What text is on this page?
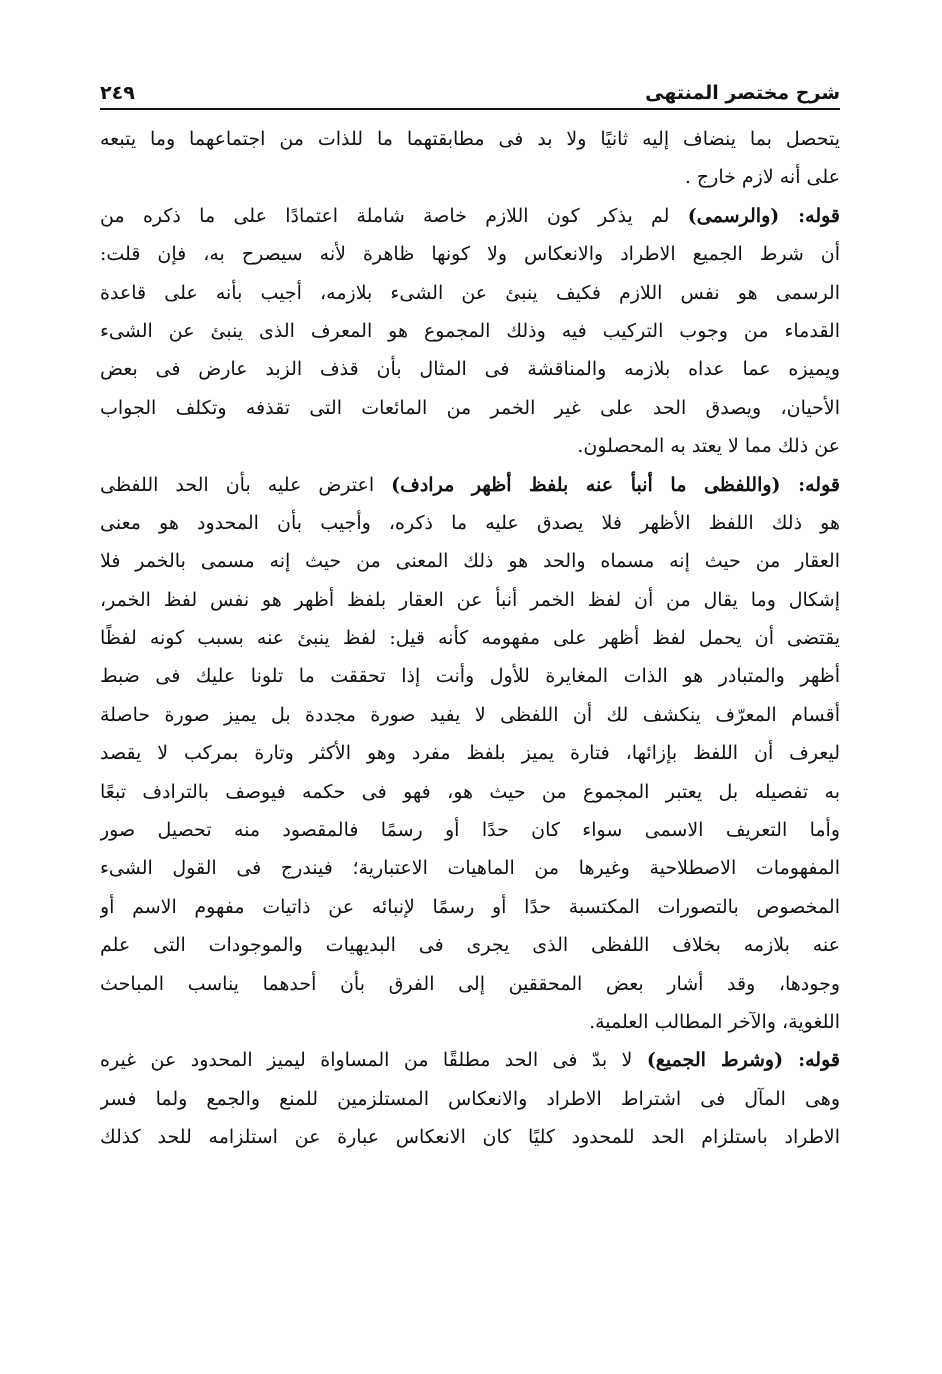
شرح مختصر المنتهى
٢٤٩
يتحصل بما ينضاف إليه ثانيًا ولا بد فى مطابقتهما ما للذات من اجتماعهما وما يتبعه
على أنه لازم خارج .
قوله: (والرسمى) لم يذكر كون اللازم خاصة شاملة اعتمادًا على ما ذكره من
أن شرط الجميع الاطراد والانعكاس ولا كونها ظاهرة لأنه سيصرح به، فإن قلت:
الرسمى هو نفس اللازم فكيف ينبئ عن الشىء بلازمه، أجيب بأنه على قاعدة
القدماء من وجوب التركيب فيه وذلك المجموع هو المعرف الذى ينبئ عن الشىء
ويميزه عما عداه بلازمه والمناقشة فى المثال بأن قذف الزبد عارض فى بعض
الأحيان، ويصدق الحد على غير الخمر من المائعات التى تقذفه وتكلف الجواب
عن ذلك مما لا يعتد به المحصلون.
قوله: (واللفظى ما أنبأ عنه بلفظ أظهر مرادف) اعترض عليه بأن الحد اللفظى
هو ذلك اللفظ الأظهر فلا يصدق عليه ما ذكره، وأجيب بأن المحدود هو معنى
العقار من حيث إنه مسماه والحد هو ذلك المعنى من حيث إنه مسمى بالخمر فلا
إشكال وما يقال من أن لفظ الخمر أنبأ عن العقار بلفظ أظهر هو نفس لفظ الخمر،
يقتضى أن يحمل لفظ أظهر على مفهومه كأنه قيل: لفظ ينبئ عنه بسبب كونه لفظًا
أظهر والمتبادر هو الذات المغايرة للأول وأنت إذا تحققت ما تلونا عليك فى ضبط
أقسام المعرّف ينكشف لك أن اللفظى لا يفيد صورة مجددة بل يميز صورة حاصلة
ليعرف أن اللفظ بإزائها، فتارة يميز بلفظ مفرد وهو الأكثر وتارة بمركب لا يقصد
به تفصيله بل يعتبر المجموع من حيث هو، فهو فى حكمه فيوصف بالترادف تبعًا
وأما التعريف الاسمى سواء كان حدًا أو رسمًا فالمقصود منه تحصيل صور
المفهومات الاصطلاحية وغيرها من الماهيات الاعتبارية؛ فيندرج فى القول الشىء
المخصوص بالتصورات المكتسبة حدًا أو رسمًا لإنبائه عن ذاتيات مفهوم الاسم أو
عنه بلازمه بخلاف اللفظى الذى يجرى فى البديهيات والموجودات التى علم
وجودها، وقد أشار بعض المحققين إلى الفرق بأن أحدهما يناسب المباحث
اللغوية، والآخر المطالب العلمية.
قوله: (وشرط الجميع) لا بدّ فى الحد مطلقًا من المساواة ليميز المحدود عن غيره
وهى المآل فى اشتراط الاطراد والانعكاس المستلزمين للمنع والجمع ولما فسر
الاطراد باستلزام الحد للمحدود كليًا كان الانعكاس عبارة عن استلزامه للحد كذلك
